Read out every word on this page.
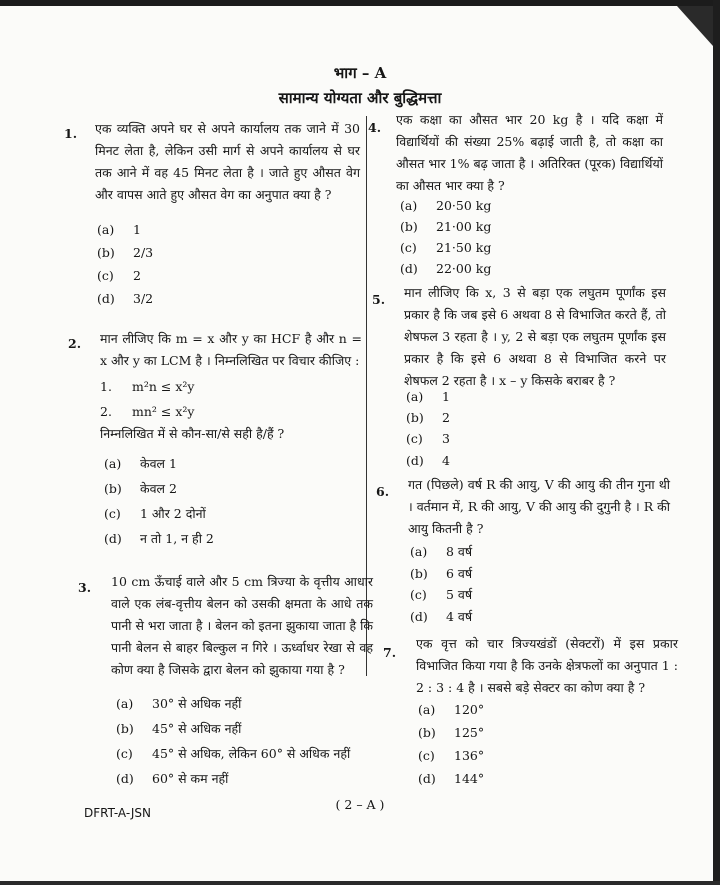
भाग – A
सामान्य योग्यता और बुद्धिमत्ता
1. एक व्यक्ति अपने घर से अपने कार्यालय तक जाने में 30 मिनट लेता है, लेकिन उसी मार्ग से अपने कार्यालय से घर तक आने में वह 45 मिनट लेता है । जाते हुए औसत वेग और वापस आते हुए औसत वेग का अनुपात क्या है ?
(a) 1
(b) 2/3
(c) 2
(d) 3/2
2. मान लीजिए कि m = x और y का HCF है और n = x और y का LCM है । निम्नलिखित पर विचार कीजिए :
1. m²n ≤ x²y
2. mn² ≤ x²y
निम्नलिखित में से कौन-सा/से सही है/हैं ?
(a) केवल 1
(b) केवल 2
(c) 1 और 2 दोनों
(d) न तो 1, न ही 2
3. 10 cm ऊँचाई वाले और 5 cm त्रिज्या के वृत्तीय आधार वाले एक लंब-वृत्तीय बेलन को उसकी क्षमता के आधे तक पानी से भरा जाता है । बेलन को इतना झुकाया जाता है कि पानी बेलन से बाहर बिल्कुल न गिरे । ऊर्ध्वाधर रेखा से वह कोण क्या है जिसके द्वारा बेलन को झुकाया गया है ?
(a) 30° से अधिक नहीं
(b) 45° से अधिक नहीं
(c) 45° से अधिक, लेकिन 60° से अधिक नहीं
(d) 60° से कम नहीं
4.
एक कक्षा का औसत भार 20 kg है । यदि कक्षा में विद्यार्थियों की संख्या 25% बढ़ाई जाती है, तो कक्षा का औसत भार 1% बढ़ जाता है । अतिरिक्त (पूरक) विद्यार्थियों का औसत भार क्या है ?
(a) 20·50 kg
(b) 21·00 kg
(c) 21·50 kg
(d) 22·00 kg
5. मान लीजिए कि x, 3 से बड़ा एक लघुतम पूर्णांक इस प्रकार है कि जब इसे 6 अथवा 8 से विभाजित करते हैं, तो शेषफल 3 रहता है । y, 2 से बड़ा एक लघुतम पूर्णांक इस प्रकार है कि इसे 6 अथवा 8 से विभाजित करने पर शेषफल 2 रहता है । x – y किसके बराबर है ?
(a) 1
(b) 2
(c) 3
(d) 4
6. गत (पिछले) वर्ष R की आयु, V की आयु की तीन गुना थी । वर्तमान में, R की आयु, V की आयु की दुगुनी है । R की आयु कितनी है ?
(a) 8 वर्ष
(b) 6 वर्ष
(c) 5 वर्ष
(d) 4 वर्ष
7.
एक वृत्त को चार त्रिज्यखंडों (सेक्टरों) में इस प्रकार विभाजित किया गया है कि उनके क्षेत्रफलों का अनुपात 1 : 2 : 3 : 4 है । सबसे बड़े सेक्टर का कोण क्या है ?
(a) 120°
(b) 125°
(c) 136°
(d) 144°
DFRT-A-JSN
( 2 – A )
